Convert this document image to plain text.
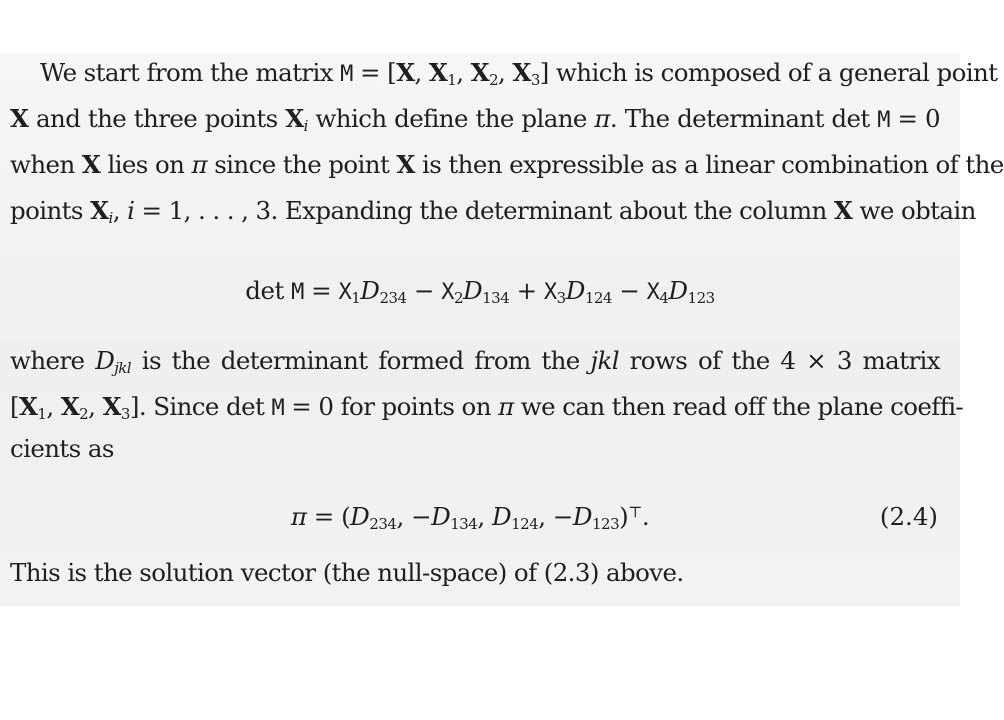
We start from the matrix M = [X, $X_1$, $X_2$, $X_3$] which is composed of a general point
X and the three points $X_i$ which define the plane π. The determinant det M = 0
when X lies on π since the point X is then expressible as a linear combination of the
points $X_i$, i = 1, . . . , 3. Expanding the determinant about the column X we obtain
$\det M = X_1D_{234} - X_2D_{134} + X_3D_{124} - X_4D_{123}$
where $D_{jkl}$ is the determinant formed from the jkl rows of the 4 × 3 matrix
[$X_1$, $X_2$, $X_3$]. Since det M = 0 for points on π we can then read off the plane coeffi-
cients as
$\pi = (D_{234}$, $-D_{134}$, $D_{124}$, $-D_{123})^⊤$.	(2.4)
This is the solution vector (the null-space) of (2.3) above.
